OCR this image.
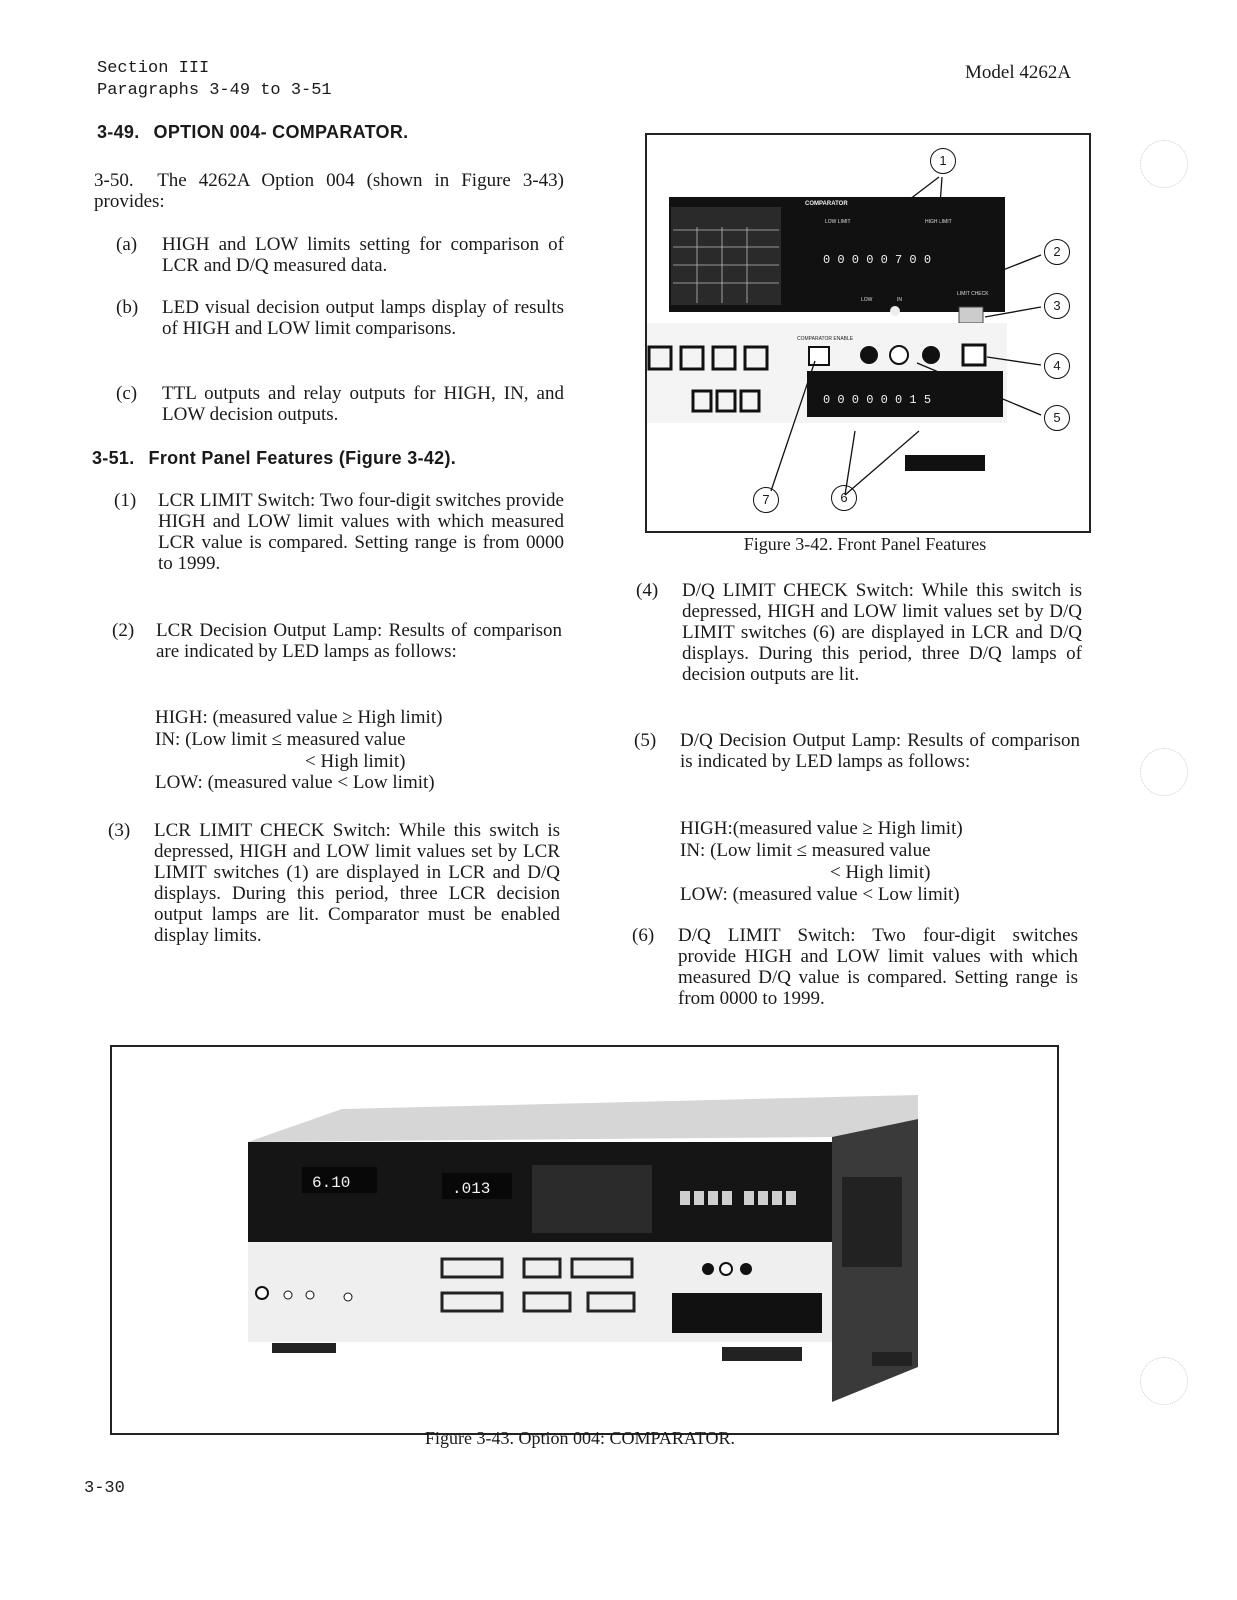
Section III
Paragraphs 3-49 to 3-51
Model 4262A
3-49. OPTION 004- COMPARATOR.
3-50. The 4262A Option 004 (shown in Figure 3-43) provides:
(a) HIGH and LOW limits setting for comparison of LCR and D/Q measured data.
(b) LED visual decision output lamps display of results of HIGH and LOW limit comparisons.
(c) TTL outputs and relay outputs for HIGH, IN, and LOW decision outputs.
3-51. Front Panel Features (Figure 3-42).
(1) LCR LIMIT Switch: Two four-digit switches provide HIGH and LOW limit values with which measured LCR value is compared. Setting range is from 0000 to 1999.
(2) LCR Decision Output Lamp: Results of comparison are indicated by LED lamps as follows:
HIGH: (measured value ≥ High limit)
IN: (Low limit ≤ measured value
< High limit)
LOW: (measured value < Low limit)
(3) LCR LIMIT CHECK Switch: While this switch is depressed, HIGH and LOW limit values set by LCR LIMIT switches (1) are displayed in LCR and D/Q displays. During this period, three LCR decision output lamps are lit. Comparator must be enabled display limits.
COMPARATOR
LOW LIMIT	HIGH LIMIT
0 0 0 0 0 7 0 0
LOW	IN
LIMIT CHECK
COMPARATOR ENABLE
0 0 0 0 0 0 1 5
1
2
3
4
5
6
7
Figure 3-42. Front Panel Features
(4) D/Q LIMIT CHECK Switch: While this switch is depressed, HIGH and LOW limit values set by D/Q LIMIT switches (6) are displayed in LCR and D/Q displays. During this period, three D/Q lamps of decision outputs are lit.
(5) D/Q Decision Output Lamp: Results of comparison is indicated by LED lamps as follows:
HIGH:(measured value ≥ High limit)
IN: (Low limit ≤ measured value
< High limit)
LOW: (measured value < Low limit)
(6) D/Q LIMIT Switch: Two four-digit switches provide HIGH and LOW limit values with which measured D/Q value is compared. Setting range is from 0000 to 1999.
6.10	.013
Figure 3-43. Option 004: COMPARATOR.
3-30
